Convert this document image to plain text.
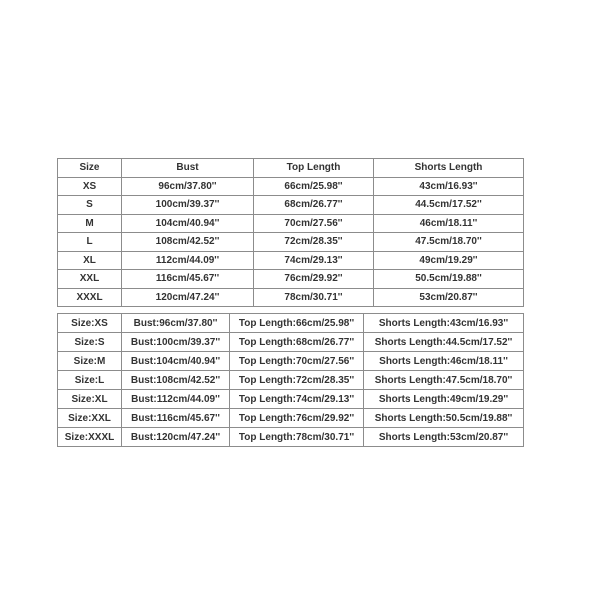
Size	Bust	Top Length	Shorts Length
XS	96cm/37.80''	66cm/25.98''	43cm/16.93''
S	100cm/39.37''	68cm/26.77''	44.5cm/17.52''
M	104cm/40.94''	70cm/27.56''	46cm/18.11''
L	108cm/42.52''	72cm/28.35''	47.5cm/18.70''
XL	112cm/44.09''	74cm/29.13''	49cm/19.29''
XXL	116cm/45.67''	76cm/29.92''	50.5cm/19.88''
XXXL	120cm/47.24''	78cm/30.71''	53cm/20.87''
Size:XS	Bust:96cm/37.80''	Top Length:66cm/25.98''	Shorts Length:43cm/16.93''
Size:S	Bust:100cm/39.37''	Top Length:68cm/26.77''	Shorts Length:44.5cm/17.52''
Size:M	Bust:104cm/40.94''	Top Length:70cm/27.56''	Shorts Length:46cm/18.11''
Size:L	Bust:108cm/42.52''	Top Length:72cm/28.35''	Shorts Length:47.5cm/18.70''
Size:XL	Bust:112cm/44.09''	Top Length:74cm/29.13''	Shorts Length:49cm/19.29''
Size:XXL	Bust:116cm/45.67''	Top Length:76cm/29.92''	Shorts Length:50.5cm/19.88''
Size:XXXL	Bust:120cm/47.24''	Top Length:78cm/30.71''	Shorts Length:53cm/20.87''
